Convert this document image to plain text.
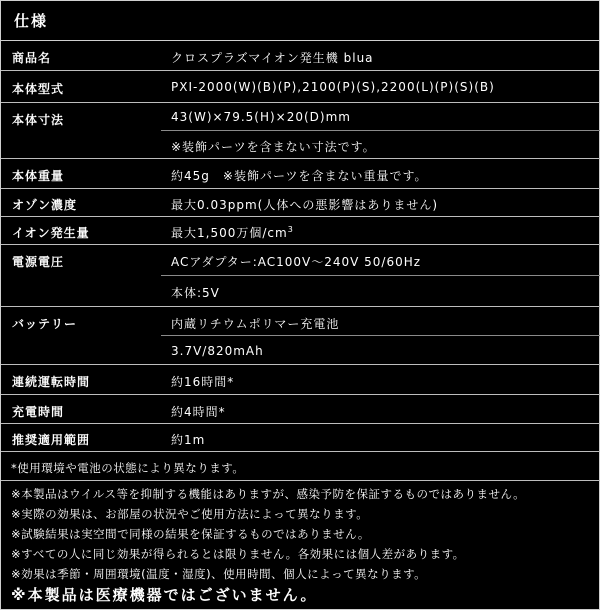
仕様
商品名	クロスプラズマイオン発生機 blua
本体型式	PXI-2000(W)(B)(P),2100(P)(S),2200(L)(P)(S)(B)
本体寸法	43(W)×79.5(H)×20(D)mm
※装飾パーツを含まない寸法です。
本体重量	約45g　※装飾パーツを含まない重量です。
オゾン濃度	最大0.03ppm(人体への悪影響はありません)
イオン発生量	最大1,500万個$/cm^3$
電源電圧	ACアダプター:AC100V〜240V 50/60Hz
本体:5V
バッテリー	内蔵リチウムポリマー充電池
3.7V/820mAh
連続運転時間	約16時間*
充電時間	約4時間*
推奨適用範囲	約1m
*使用環境や電池の状態により異なります。
※本製品はウイルス等を抑制する機能はありますが、感染予防を保証するものではありません。
※実際の効果は、お部屋の状況やご使用方法によって異なります。
※試験結果は実空間で同様の結果を保証するものではありません。
※すべての人に同じ効果が得られるとは限りません。各効果には個人差があります。
※効果は季節・周囲環境(温度・湿度)、使用時間、個人によって異なります。
※本製品は医療機器ではございません。
